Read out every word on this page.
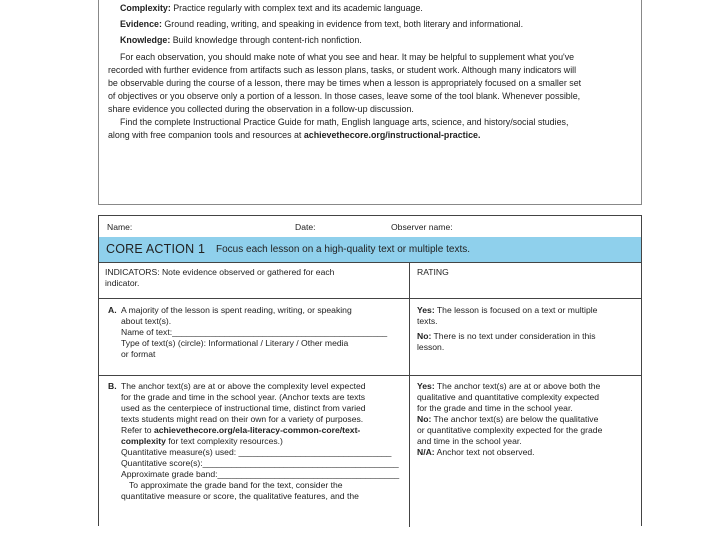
Complexity: Practice regularly with complex text and its academic language.
Evidence: Ground reading, writing, and speaking in evidence from text, both literary and informational.
Knowledge: Build knowledge through content-rich nonfiction.
For each observation, you should make note of what you see and hear. It may be helpful to supplement what you've
recorded with further evidence from artifacts such as lesson plans, tasks, or student work. Although many indicators will
be observable during the course of a lesson, there may be times when a lesson is appropriately focused on a smaller set
of objectives or you observe only a portion of a lesson. In those cases, leave some of the tool blank. Whenever possible,
share evidence you collected during the observation in a follow-up discussion.
Find the complete Instructional Practice Guide for math, English language arts, science, and history/social studies,
along with free companion tools and resources at achievethecore.org/instructional-practice.
Name:	Date:	Observer name:
CORE ACTION 1 Focus each lesson on a high-quality text or multiple texts.
INDICATORS: Note evidence observed or gathered for each
indicator.
RATING
A. A majority of the lesson is spent reading, writing, or speaking
about text(s).
Name of text:_____________________________________________
Type of text(s) (circle): Informational / Literary / Other media
or format
Yes: The lesson is focused on a text or multiple
texts.
No: There is no text under consideration in this
lesson.
B. The anchor text(s) are at or above the complexity level expected
for the grade and time in the school year. (Anchor texts are texts
used as the centerpiece of instructional time, distinct from varied
texts students might read on their own for a variety of purposes.
Refer to achievethecore.org/ela-literacy-common-core/text-
complexity for text complexity resources.)
Quantitative measure(s) used: ________________________________
Quantitative score(s):_________________________________________
Approximate grade band:______________________________________
To approximate the grade band for the text, consider the
quantitative measure or score, the qualitative features, and the
Yes: The anchor text(s) are at or above both the
qualitative and quantitative complexity expected
for the grade and time in the school year.
No: The anchor text(s) are below the qualitative
or quantitative complexity expected for the grade
and time in the school year.
N/A: Anchor text not observed.
